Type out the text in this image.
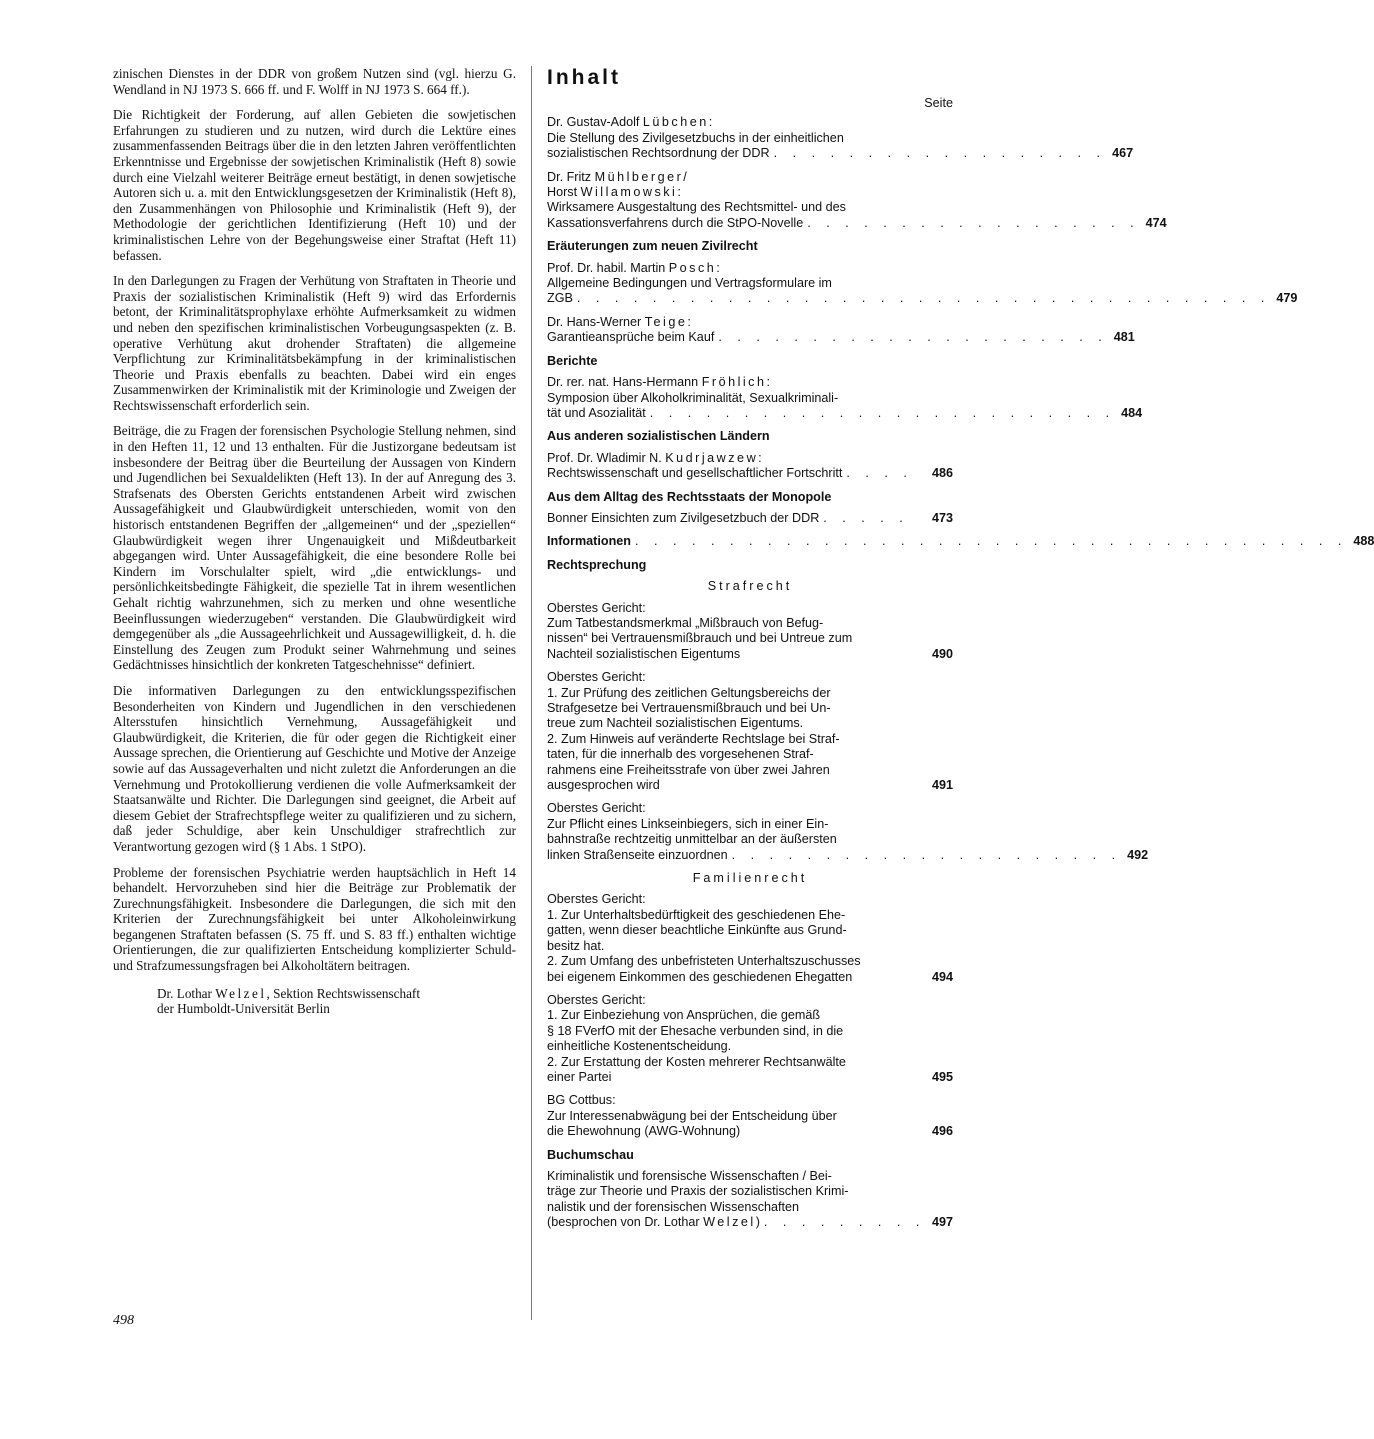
zinischen Dienstes in der DDR von großem Nutzen sind (vgl. hierzu G. Wendland in NJ 1973 S. 666 ff. und F. Wolff in NJ 1973 S. 664 ff.).

Die Richtigkeit der Forderung, auf allen Gebieten die sowjetischen Erfahrungen zu studieren und zu nutzen, wird durch die Lektüre eines zusammenfassenden Beitrags über die in den letzten Jahren veröffentlichten Erkenntnisse und Ergebnisse der sowjetischen Kriminalistik (Heft 8) sowie durch eine Vielzahl weiterer Beiträge erneut bestätigt, in denen sowjetische Autoren sich u. a. mit den Entwicklungsgesetzen der Kriminalistik (Heft 8), den Zusammenhängen von Philosophie und Kriminalistik (Heft 9), der Methodologie der gerichtlichen Identifizierung (Heft 10) und der kriminalistischen Lehre von der Begehungsweise einer Straftat (Heft 11) befassen.

In den Darlegungen zu Fragen der Verhütung von Straftaten in Theorie und Praxis der sozialistischen Kriminalistik (Heft 9) wird das Erfordernis betont, der Kriminalitätsprophylaxe erhöhte Aufmerksamkeit zu widmen und neben den spezifischen kriminalistischen Vorbeugungsaspekten (z. B. operative Verhütung akut drohender Straftaten) die allgemeine Verpflichtung zur Kriminalitätsbekämpfung in der kriminalistischen Theorie und Praxis ebenfalls zu beachten. Dabei wird ein enges Zusammenwirken der Kriminalistik mit der Kriminologie und Zweigen der Rechtswissenschaft erforderlich sein.

Beiträge, die zu Fragen der forensischen Psychologie Stellung nehmen, sind in den Heften 11, 12 und 13 enthalten. Für die Justizorgane bedeutsam ist insbesondere der Beitrag über die Beurteilung der Aussagen von Kindern und Jugendlichen bei Sexualdelikten (Heft 13). In der auf Anregung des 3. Strafsenats des Obersten Gerichts entstandenen Arbeit wird zwischen Aussagefähigkeit und Glaubwürdigkeit unterschieden, womit von den historisch entstandenen Begriffen der „allgemeinen“ und der „speziellen“ Glaubwürdigkeit wegen ihrer Ungenauigkeit und Mißdeutbarkeit abgegangen wird. Unter Aussagefähigkeit, die eine besondere Rolle bei Kindern im Vorschulalter spielt, wird „die entwicklungs- und persönlichkeitsbedingte Fähigkeit, die spezielle Tat in ihrem wesentlichen Gehalt richtig wahrzunehmen, sich zu merken und ohne wesentliche Beeinflussungen wiederzugeben“ verstanden. Die Glaubwürdigkeit wird demgegenüber als „die Aussageehrlichkeit und Aussagewilligkeit, d. h. die Einstellung des Zeugen zum Produkt seiner Wahrnehmung und seines Gedächtnisses hinsichtlich der konkreten Tatgeschehnisse“ definiert.

Die informativen Darlegungen zu den entwicklungsspezifischen Besonderheiten von Kindern und Jugendlichen in den verschiedenen Altersstufen hinsichtlich Vernehmung, Aussagefähigkeit und Glaubwürdigkeit, die Kriterien, die für oder gegen die Richtigkeit einer Aussage sprechen, die Orientierung auf Geschichte und Motive der Anzeige sowie auf das Aussageverhalten und nicht zuletzt die Anforderungen an die Vernehmung und Protokollierung verdienen die volle Aufmerksamkeit der Staatsanwälte und Richter. Die Darlegungen sind geeignet, die Arbeit auf diesem Gebiet der Strafrechtspflege weiter zu qualifizieren und zu sichern, daß jeder Schuldige, aber kein Unschuldiger strafrechtlich zur Verantwortung gezogen wird (§ 1 Abs. 1 StPO).

Probleme der forensischen Psychiatrie werden hauptsächlich in Heft 14 behandelt. Hervorzuheben sind hier die Beiträge zur Problematik der Zurechnungsfähigkeit. Insbesondere die Darlegungen, die sich mit den Kriterien der Zurechnungsfähigkeit bei unter Alkoholeinwirkung begangenen Straftaten befassen (S. 75 ff. und S. 83 ff.) enthalten wichtige Orientierungen, die zur qualifizierten Entscheidung komplizierter Schuld- und Strafzumessungsfragen bei Alkoholtätern beitragen.

Dr. Lothar Welzel, Sektion Rechtswissenschaft
der Humboldt-Universität Berlin
498
Inhalt
Seite
Dr. Gustav-Adolf Lübchen:
Die Stellung des Zivilgesetzbuchs in der einheitlichen
sozialistischen Rechtsordnung der DDR . . . . . . . . . . . . . . . . . . 467
Dr. Fritz Mühlberger/
Horst Willamowski:
Wirksamere Ausgestaltung des Rechtsmittel- und des
Kassationsverfahrens durch die StPO-Novelle . . . . . . . . . . . . . . . . . . 474
Eräuterungen zum neuen Zivilrecht
Prof. Dr. habil. Martin Posch:
Allgemeine Bedingungen und Vertragsformulare im
ZGB . . . . . . . . . . . . . . . . . . . . . . . . . . . . . . . . . . . . . 479
Dr. Hans-Werner Teige:
Garantieansprüche beim Kauf . . . . . . . . . . . . . . . . . . . . . 481
Berichte
Dr. rer. nat. Hans-Hermann Fröhlich:
Symposion über Alkoholkriminalität, Sexualkriminali-
tät und Asozialität . . . . . . . . . . . . . . . . . . . . . . . . . 484
Aus anderen sozialistischen Ländern
Prof. Dr. Wladimir N. Kudrjawzew:
Rechtswissenschaft und gesellschaftlicher Fortschritt . . . .	486
Aus dem Alltag des Rechtsstaats der Monopole
Bonner Einsichten zum Zivilgesetzbuch der DDR . . . . .	473
Informationen . . . . . . . . . . . . . . . . . . . . . . . . . . . . . . . . . . . . . . 488
Rechtsprechung
Strafrecht
Oberstes Gericht:
Zum Tatbestandsmerkmal „Mißbrauch von Befug-
nissen“ bei Vertrauensmißbrauch und bei Untreue zum
Nachteil sozialistischen Eigentums	490
Oberstes Gericht:
1. Zur Prüfung des zeitlichen Geltungsbereichs der
Strafgesetze bei Vertrauensmißbrauch und bei Un-
treue zum Nachteil sozialistischen Eigentums.
2. Zum Hinweis auf veränderte Rechtslage bei Straf-
taten, für die innerhalb des vorgesehenen Straf-
rahmens eine Freiheitsstrafe von über zwei Jahren
ausgesprochen wird	491
Oberstes Gericht:
Zur Pflicht eines Linkseinbiegers, sich in einer Ein-
bahnstraße rechtzeitig unmittelbar an der äußersten
linken Straßenseite einzuordnen . . . . . . . . . . . . . . . . . . . . . 492
Familienrecht
Oberstes Gericht:
1. Zur Unterhaltsbedürftigkeit des geschiedenen Ehe-
gatten, wenn dieser beachtliche Einkünfte aus Grund-
besitz hat.
2. Zum Umfang des unbefristeten Unterhaltszuschusses
bei eigenem Einkommen des geschiedenen Ehegatten	494
Oberstes Gericht:
1. Zur Einbeziehung von Ansprüchen, die gemäß
§ 18 FVerfO mit der Ehesache verbunden sind, in die
einheitliche Kostenentscheidung.
2. Zur Erstattung der Kosten mehrerer Rechtsanwälte
einer Partei	495
BG Cottbus:
Zur Interessenabwägung bei der Entscheidung über
die Ehewohnung (AWG-Wohnung)	496
Buchumschau
Kriminalistik und forensische Wissenschaften / Bei-
träge zur Theorie und Praxis der sozialistischen Krimi-
nalistik und der forensischen Wissenschaften
(besprochen von Dr. Lothar Welzel) . . . . . . . . . 497
